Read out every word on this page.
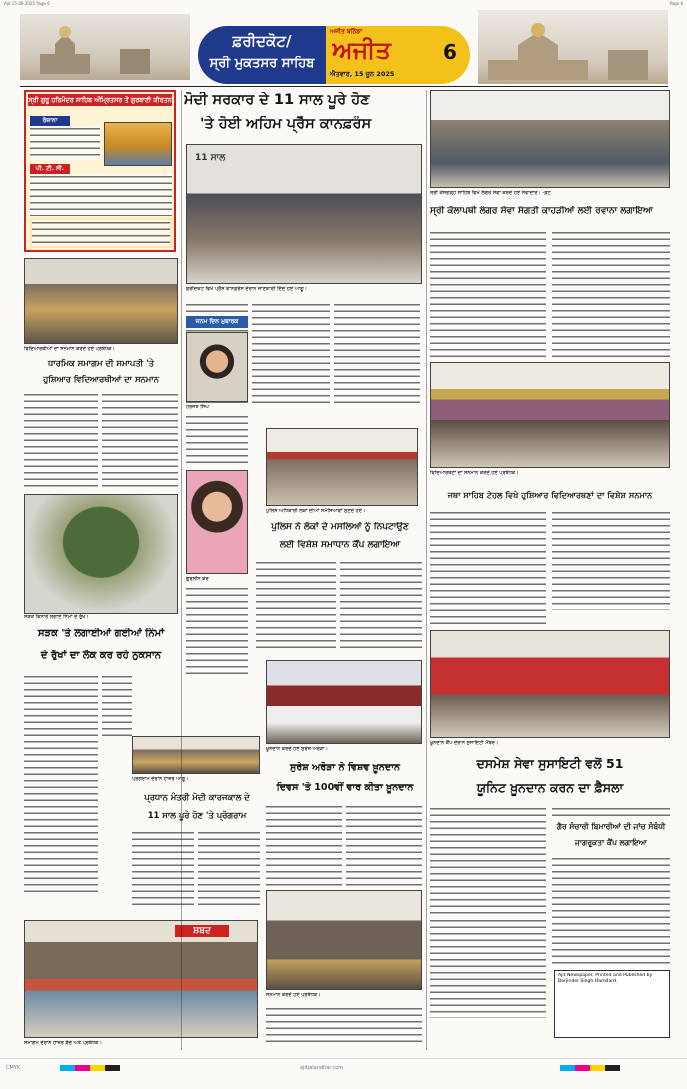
Ajit 15-06-2025 Page 6	Page 6
ਫ਼ਰੀਦਕੋਟ/
ਸ੍ਰੀ ਮੁਕਤਸਰ ਸਾਹਿਬ
ਅਜੀਤ ਬਠਿੰਡਾ
ਅਜੀਤ
ਐਤਵਾਰ, 15 ਜੂਨ 2025
6
ਸ੍ਰੀ ਗੁਰੂ ਹਰਿਮੰਦਰ ਸਾਹਿਬ ਅੰਮ੍ਰਿਤਸਰ ਤੋਂ ਗੁਰਬਾਣੀ ਕੀਰਤਨ
ਰੋਜ਼ਾਨਾ
ਪੀ. ਟੀ. ਸੀ.
ਮੋਦੀ ਸਰਕਾਰ ਦੇ 11 ਸਾਲ ਪੂਰੇ ਹੋਣ
'ਤੇ ਹੋਈ ਅਹਿਮ ਪ੍ਰੈੱਸ ਕਾਨਫ਼ਰੰਸ
11 ਸਾਲ
ਫ਼ਰੀਦਕੋਟ ਵਿਖੇ ਪ੍ਰੈੱਸ ਕਾਨਫ਼ਰੰਸ ਦੌਰਾਨ ਜਾਣਕਾਰੀ ਦਿੰਦੇ ਹੋਏ ਆਗੂ।
ਜਨਮ ਦਿਨ ਮੁਬਾਰਕ
ਸ੍ਰੀ ਕੇਸਗੜ੍ਹ ਸਾਹਿਬ ਵਿਖੇ ਲੰਗਰ ਸੇਵਾ ਕਰਦੇ ਹੋਏ ਸੇਵਾਦਾਰ। -ਫ਼ੋਟੋ
ਸ੍ਰੀ ਕੋਲਾਪਥੀ ਲੰਗਰ ਸੇਵਾ ਸੰਗਤੀ ਕਾਹੜੀਆਂ ਲਈ ਰਵਾਨਾ ਲਗਾਇਆ
ਵਿਦਿਆਰਥੀਆਂ ਦਾ ਸਨਮਾਨ ਕਰਦੇ ਹੋਏ ਪ੍ਰਬੰਧਕ।
ਧਾਰਮਿਕ ਸਮਾਗਮ ਦੀ ਸਮਾਪਤੀ 'ਤੇ
ਹੁਸ਼ਿਆਰ ਵਿਦਿਆਰਥੀਆਂ ਦਾ ਸਨਮਾਨ
ਹਰਜੋਤ ਸਿੰਘ
ਗੁਰਲੀਨ ਕੌਰ
ਪੁਲਿਸ ਅਧਿਕਾਰੀ ਲੋਕਾਂ ਦੀਆਂ ਸਮੱਸਿਆਵਾਂ ਸੁਣਦੇ ਹੋਏ।
ਪੁਲਿਸ ਨੇ ਲੋਕਾਂ ਦੇ ਮਸਲਿਆਂ ਨੂੰ ਨਿਪਟਾਉਣ
ਲਈ ਵਿਸ਼ੇਸ਼ ਸਮਾਧਾਨ ਕੈਂਪ ਲਗਾਇਆ
ਸੜਕ ਕਿਨਾਰੇ ਲਗਾਏ ਨਿੰਮਾਂ ਦੇ ਰੁੱਖ।
ਸੜਕ 'ਤੇ ਲਗਾਈਆਂ ਗਈਆਂ ਨਿੰਮਾਂ
ਦੇ ਰੁੱਖਾਂ ਦਾ ਲੋਕ ਕਰ ਰਹੇ ਨੁਕਸਾਨ
ਵਿਦਿਆਰਥਣਾਂ ਦਾ ਸਨਮਾਨ ਕਰਦੇ ਹੋਏ ਪ੍ਰਬੰਧਕ।
ਜਥਾ ਸਾਹਿਬ ਟੇਹਲ ਵਿਖੇ ਹੁਸ਼ਿਆਰ ਵਿਦਿਆਰਥਣਾਂ ਦਾ ਵਿਸ਼ੇਸ਼ ਸਨਮਾਨ
ਖ਼ੂਨਦਾਨ ਕੈਂਪ ਦੌਰਾਨ ਸੁਸਾਇਟੀ ਮੈਂਬਰ।
ਦਸਮੇਸ਼ ਸੇਵਾ ਸੁਸਾਇਟੀ ਵਲੋਂ 51
ਯੂਨਿਟ ਖ਼ੂਨਦਾਨ ਕਰਨ ਦਾ ਫ਼ੈਸਲਾ
ਗੈਰ ਸੰਚਾਰੀ ਬਿਮਾਰੀਆਂ ਦੀ ਜਾਂਚ ਸੰਬੰਧੀ
ਜਾਗਰੂਕਤਾ ਕੈਂਪ ਲਗਾਇਆ
Ajit Newspaper. Printed and Published by Barjinder Singh Hamdard.
ਖ਼ੂਨਦਾਨ ਕਰਦੇ ਹੋਏ ਸੁਰੇਸ਼ ਅਰੋੜਾ।
ਸੁਰੇਸ਼ ਅਰੋੜਾ ਨੇ ਵਿਸ਼ਵ ਖ਼ੂਨਦਾਨ
ਦਿਵਸ 'ਤੇ 100ਵੀਂ ਵਾਰ ਕੀਤਾ ਖ਼ੂਨਦਾਨ
ਪ੍ਰੋਗਰਾਮ ਦੌਰਾਨ ਹਾਜ਼ਰ ਆਗੂ।
ਪ੍ਰਧਾਨ ਮੰਤਰੀ ਮੋਦੀ ਕਾਰਜਕਾਲ ਦੇ
11 ਸਾਲ ਪੂਰੇ ਹੋਣ 'ਤੇ ਪ੍ਰੋਗਰਾਮ
ਸ਼ਬਦ
ਸਮਾਗਮ ਦੌਰਾਨ ਹਾਜ਼ਰ ਬੱਚੇ ਅਤੇ ਪ੍ਰਬੰਧਕ।
ਸਨਮਾਨ ਕਰਦੇ ਹੋਏ ਪ੍ਰਬੰਧਕ।
CMYK	ajitjalandhar.com
